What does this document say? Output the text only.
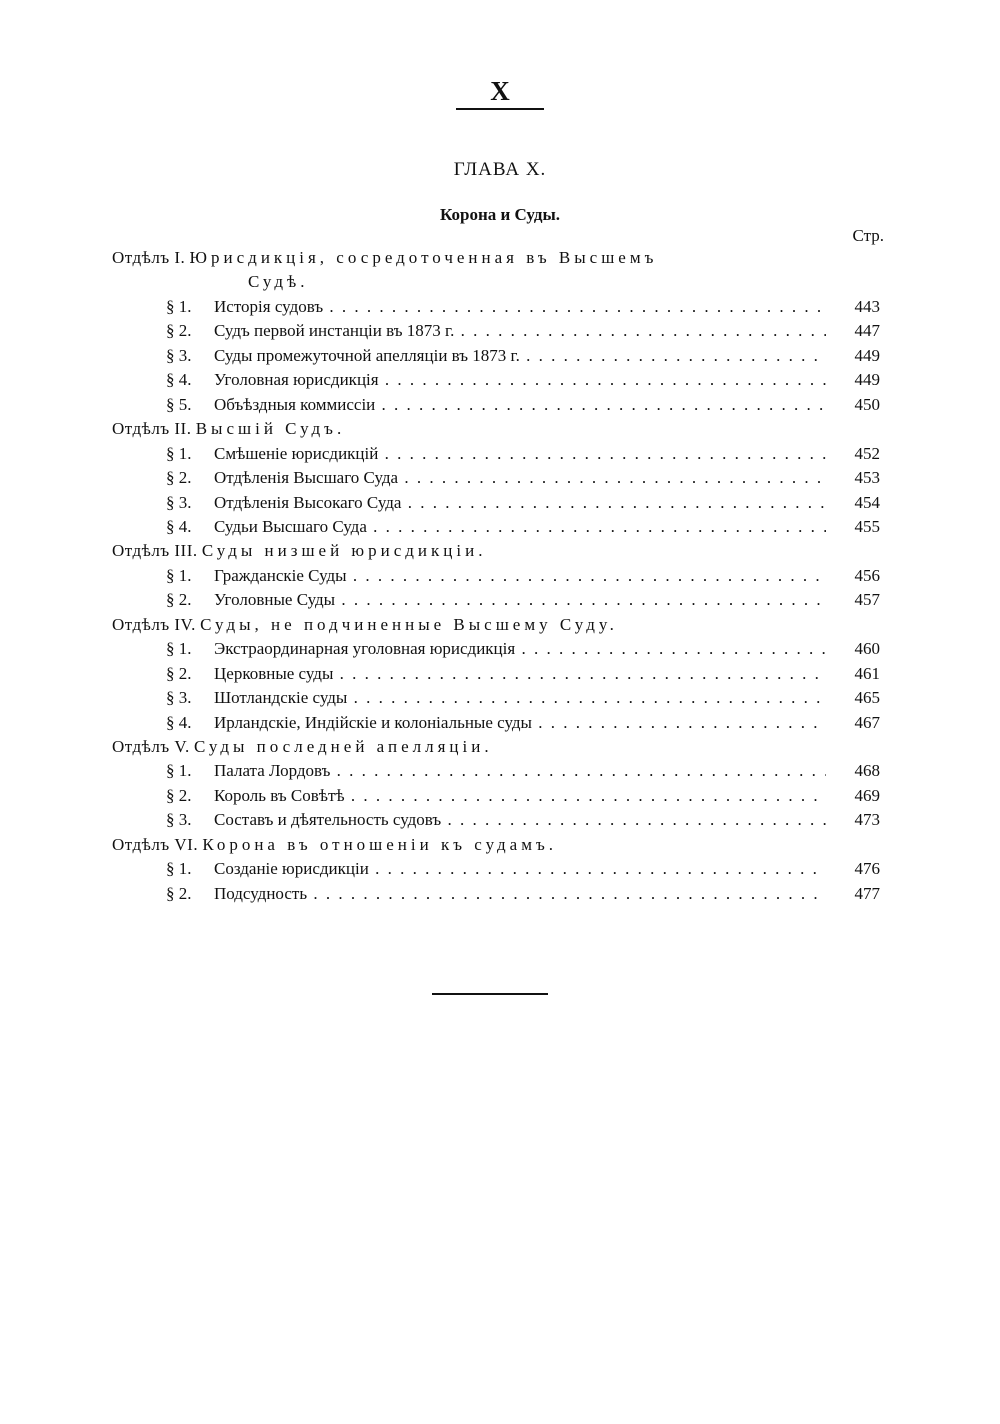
X
ГЛАВА Х.
Корона и Суды.
Стр.
Отдѣлъ I. Юрисдикція, сосредоточенная въ Высшемъ
Судѣ.
§ 1.	Исторія судовъ . . .	443
§ 2.	Судъ первой инстанціи въ 1873 г. . . .	447
§ 3.	Суды промежуточной апелляціи въ 1873 г. . . .	449
§ 4.	Уголовная юрисдикція . . .	449
§ 5.	Объѣздныя коммиссіи . . .	450
Отдѣлъ II. Высшій Судъ.
§ 1.	Смѣшеніе юрисдикцій . . .	452
§ 2.	Отдѣленія Высшаго Суда . . .	453
§ 3.	Отдѣленія Высокаго Суда . . .	454
§ 4.	Судьи Высшаго Суда . . .	455
Отдѣлъ III. Суды низшей юрисдикціи.
§ 1.	Гражданскіе Суды . . .	456
§ 2.	Уголовные Суды . . .	457
Отдѣлъ IV. Суды, не подчиненные Высшему Суду.
§ 1.	Экстраординарная уголовная юрисдикція . . .	460
§ 2.	Церковные суды . . .	461
§ 3.	Шотландскіе суды . . .	465
§ 4.	Ирландскіе, Индійскіе и колоніальные суды . . .	467
Отдѣлъ V. Суды последней апелляціи.
§ 1.	Палата Лордовъ . . .	468
§ 2.	Король въ Совѣтѣ . . .	469
§ 3.	Составъ и дѣятельность судовъ . . .	473
Отдѣлъ VI. Корона въ отношеніи къ судамъ.
§ 1.	Созданіе юрисдикціи . . .	476
§ 2.	Подсудность . . .	477
